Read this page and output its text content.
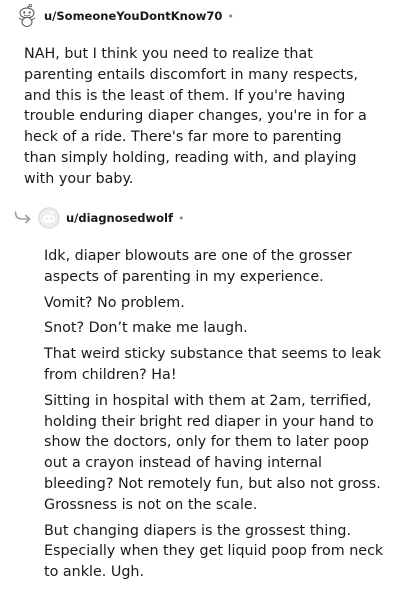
u/SomeoneYouDontKnow70 •

NAH, but I think you need to realize that parenting entails discomfort in many respects, and this is the least of them. If you're having trouble enduring diaper changes, you're in for a heck of a ride. There's far more to parenting than simply holding, reading with, and playing with your baby.

u/diagnosedwolf •

Idk, diaper blowouts are one of the grosser aspects of parenting in my experience.

Vomit? No problem.

Snot? Don’t make me laugh.

That weird sticky substance that seems to leak from children? Ha!

Sitting in hospital with them at 2am, terrified, holding their bright red diaper in your hand to show the doctors, only for them to later poop out a crayon instead of having internal bleeding? Not remotely fun, but also not gross. Grossness is not on the scale.

But changing diapers is the grossest thing. Especially when they get liquid poop from neck to ankle. Ugh.
